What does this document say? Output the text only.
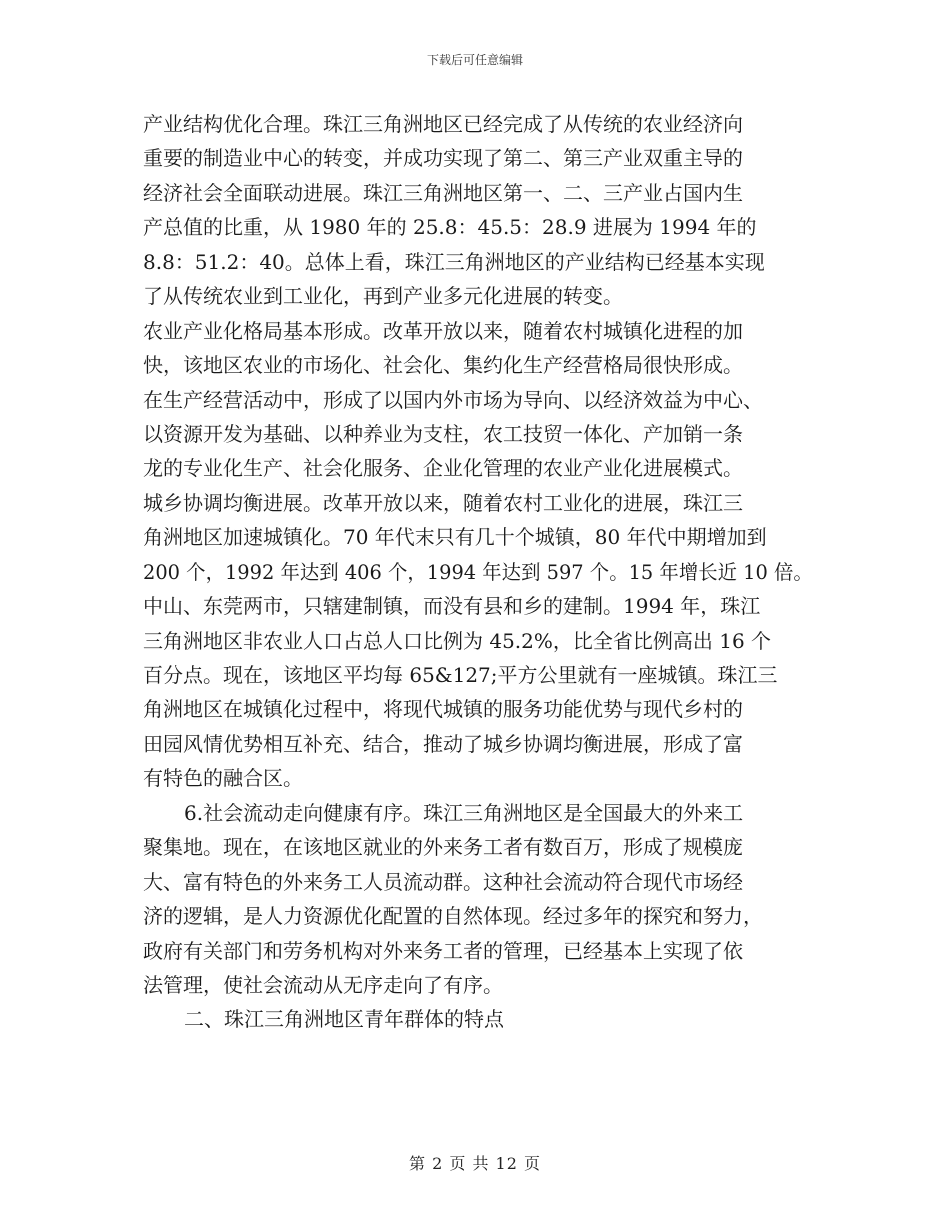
下载后可任意编辑
产业结构优化合理。珠江三角洲地区已经完成了从传统的农业经济向
重要的制造业中心的转变，并成功实现了第二、第三产业双重主导的
经济社会全面联动进展。珠江三角洲地区第一、二、三产业占国内生
产总值的比重，从 1980 年的 25.8：45.5：28.9 进展为 1994 年的
8.8：51.2：40。总体上看，珠江三角洲地区的产业结构已经基本实现
了从传统农业到工业化，再到产业多元化进展的转变。
农业产业化格局基本形成。改革开放以来，随着农村城镇化进程的加
快，该地区农业的市场化、社会化、集约化生产经营格局很快形成。
在生产经营活动中，形成了以国内外市场为导向、以经济效益为中心、
以资源开发为基础、以种养业为支柱，农工技贸一体化、产加销一条
龙的专业化生产、社会化服务、企业化管理的农业产业化进展模式。
城乡协调均衡进展。改革开放以来，随着农村工业化的进展，珠江三
角洲地区加速城镇化。70 年代末只有几十个城镇，80 年代中期增加到
200 个，1992 年达到 406 个，1994 年达到 597 个。15 年增长近 10 倍。
中山、东莞两市，只辖建制镇，而没有县和乡的建制。1994 年，珠江
三角洲地区非农业人口占总人口比例为 45.2%，比全省比例高出 16 个
百分点。现在，该地区平均每 65&127;平方公里就有一座城镇。珠江三
角洲地区在城镇化过程中，将现代城镇的服务功能优势与现代乡村的
田园风情优势相互补充、结合，推动了城乡协调均衡进展，形成了富
有特色的融合区。
6.社会流动走向健康有序。珠江三角洲地区是全国最大的外来工
聚集地。现在，在该地区就业的外来务工者有数百万，形成了规模庞
大、富有特色的外来务工人员流动群。这种社会流动符合现代市场经
济的逻辑，是人力资源优化配置的自然体现。经过多年的探究和努力，
政府有关部门和劳务机构对外来务工者的管理，已经基本上实现了依
法管理，使社会流动从无序走向了有序。
二、珠江三角洲地区青年群体的特点
第 2 页 共 12 页
